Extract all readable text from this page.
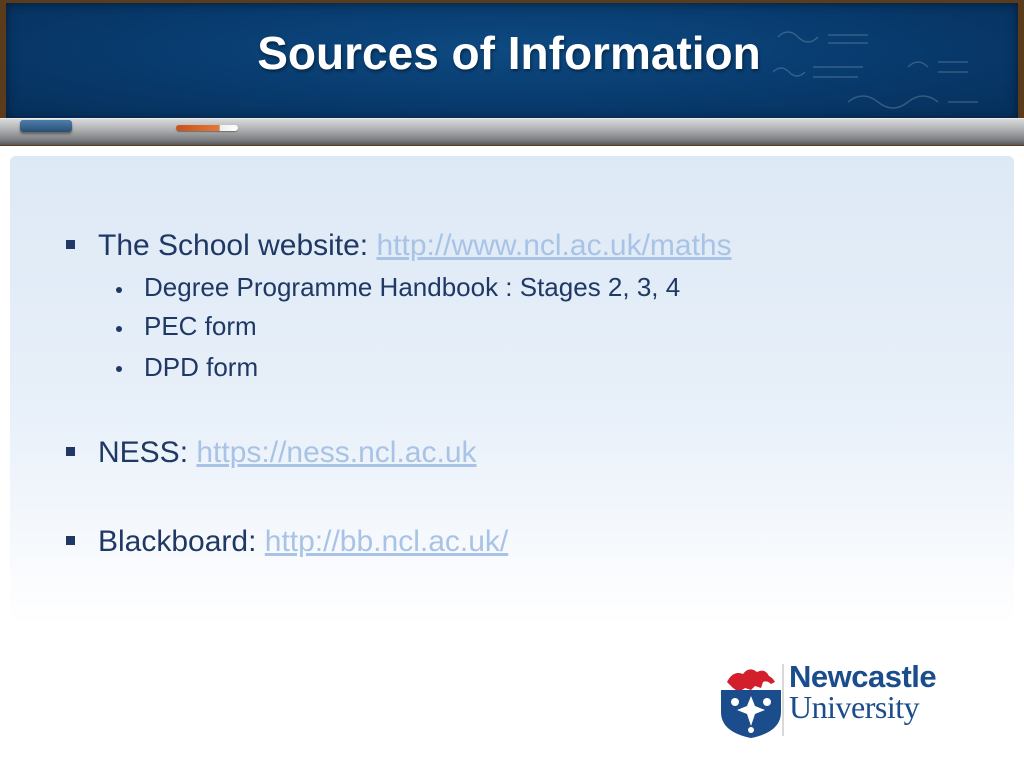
Sources of Information
The School website: http://www.ncl.ac.uk/maths
Degree Programme Handbook : Stages 2, 3, 4
PEC form
DPD form
NESS: https://ness.ncl.ac.uk
Blackboard: http://bb.ncl.ac.uk/
Newcastle
University
